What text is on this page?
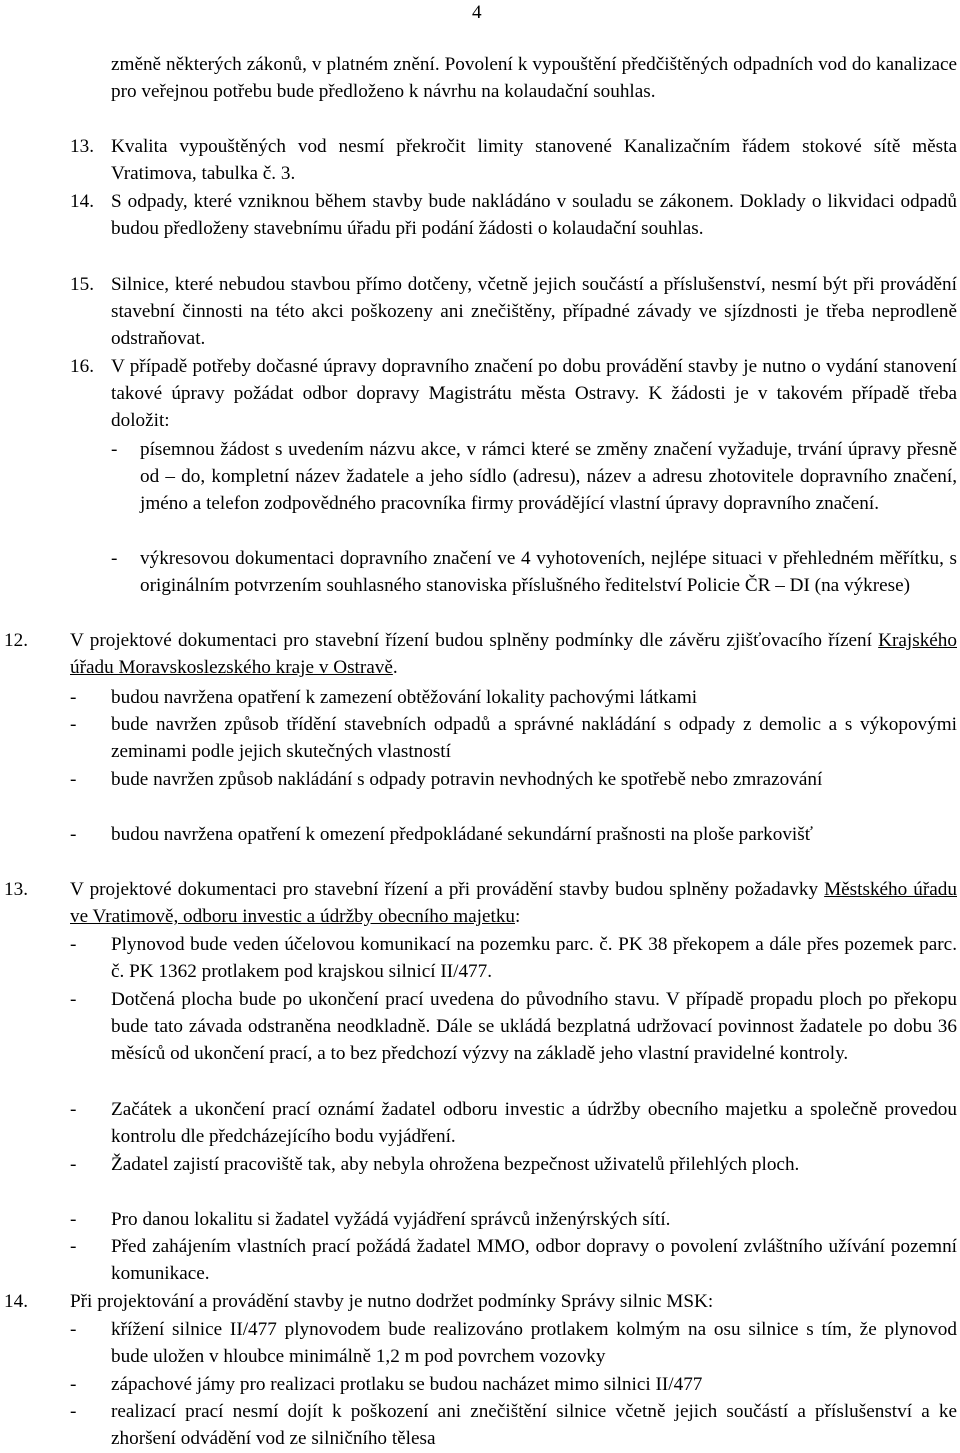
4
změně některých zákonů, v platném znění. Povolení k vypouštění předčištěných odpadních vod do kanalizace pro veřejnou potřebu bude předloženo k návrhu na kolaudační souhlas.
13. Kvalita vypouštěných vod nesmí překročit limity stanovené Kanalizačním řádem stokové sítě města Vratimova, tabulka č. 3.
14. S odpady, které vzniknou během stavby bude nakládáno v souladu se zákonem. Doklady o likvidaci odpadů budou předloženy stavebnímu úřadu při podání žádosti o kolaudační souhlas.
15. Silnice, které nebudou stavbou přímo dotčeny, včetně jejich součástí a příslušenství, nesmí být při provádění stavební činnosti na této akci poškozeny ani znečištěny, případné závady ve sjízdnosti je třeba neprodleně odstraňovat.
16. V případě potřeby dočasné úpravy dopravního značení po dobu provádění stavby je nutno o vydání stanovení takové úpravy požádat odbor dopravy Magistrátu města Ostravy. K žádosti je v takovém případě třeba doložit:
- písemnou žádost s uvedením názvu akce, v rámci které se změny značení vyžaduje, trvání úpravy přesně od – do, kompletní název žadatele a jeho sídlo (adresu), název a adresu zhotovitele dopravního značení, jméno a telefon zodpovědného pracovníka firmy provádějící vlastní úpravy dopravního značení.
- výkresovou dokumentaci dopravního značení ve 4 vyhotoveních, nejlépe situaci v přehledném měřítku, s originálním potvrzením souhlasného stanoviska příslušného ředitelství Policie ČR – DI (na výkrese)
12. V projektové dokumentaci pro stavební řízení budou splněny podmínky dle závěru zjišťovacího řízení Krajského úřadu Moravskoslezského kraje v Ostravě.
- budou navržena opatření k zamezení obtěžování lokality pachovými látkami
- bude navržen způsob třídění stavebních odpadů a správné nakládání s odpady z demolic a s výkopovými zeminami podle jejich skutečných vlastností
- bude navržen způsob nakládání s odpady potravin nevhodných ke spotřebě nebo zmrazování
- budou navržena opatření k omezení předpokládané sekundární prašnosti na ploše parkovišť
13. V projektové dokumentaci pro stavební řízení a při provádění stavby budou splněny požadavky Městského úřadu ve Vratimově, odboru investic a údržby obecního majetku:
- Plynovod bude veden účelovou komunikací na pozemku parc. č. PK 38 překopem a dále přes pozemek parc. č. PK 1362 protlakem pod krajskou silnicí II/477.
- Dotčená plocha bude po ukončení prací uvedena do původního stavu. V případě propadu ploch po překopu bude tato závada odstraněna neodkladně. Dále se ukládá bezplatná udržovací povinnost žadatele po dobu 36 měsíců od ukončení prací, a to bez předchozí výzvy na základě jeho vlastní pravidelné kontroly.
- Začátek a ukončení prací oznámí žadatel odboru investic a údržby obecního majetku a společně provedou kontrolu dle předcházejícího bodu vyjádření.
- Žadatel zajistí pracoviště tak, aby nebyla ohrožena bezpečnost uživatelů přilehlých ploch.
- Pro danou lokalitu si žadatel vyžádá vyjádření správců inženýrských sítí.
- Před zahájením vlastních prací požádá žadatel MMO, odbor dopravy o povolení zvláštního užívání pozemní komunikace.
14. Při projektování a provádění stavby je nutno dodržet podmínky Správy silnic MSK:
- křížení silnice II/477 plynovodem bude realizováno protlakem kolmým na osu silnice s tím, že plynovod bude uložen v hloubce minimálně 1,2 m pod povrchem vozovky
- zápachové jámy pro realizaci protlaku se budou nacházet mimo silnici II/477
- realizací prací nesmí dojít k poškození ani znečištění silnice včetně jejich součástí a příslušenství a ke zhoršení odvádění vod ze silničního tělesa
